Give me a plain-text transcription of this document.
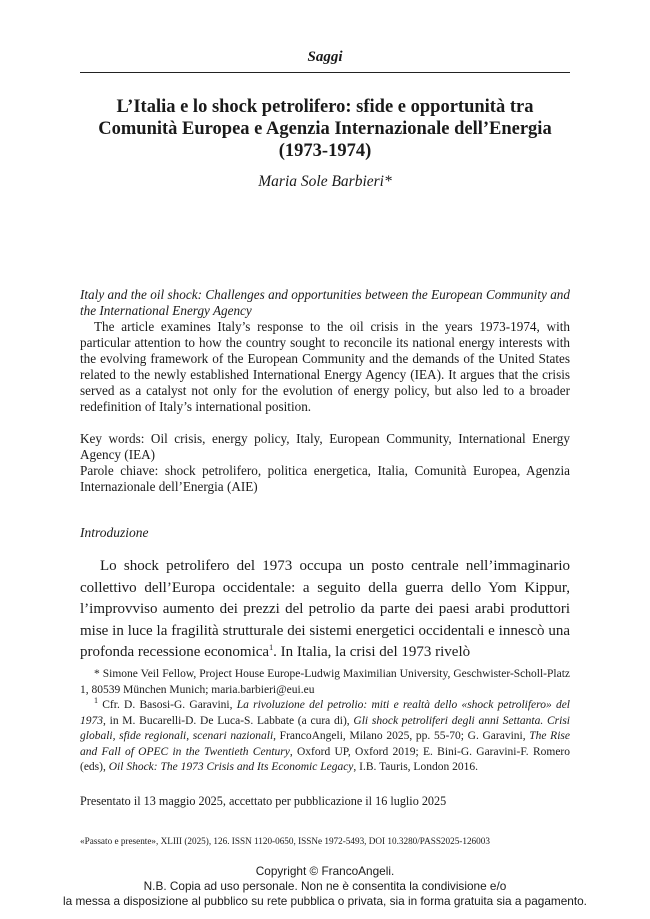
Saggi
L’Italia e lo shock petrolifero: sfide e opportunità tra Comunità Europea e Agenzia Internazionale dell’Energia (1973-1974)
Maria Sole Barbieri*

Italy and the oil shock: Challenges and opportunities between the European Community and the International Energy Agency

The article examines Italy’s response to the oil crisis in the years 1973-1974, with particular attention to how the country sought to reconcile its national energy interests with the evolving framework of the European Community and the demands of the United States related to the newly established International Energy Agency (IEA). It argues that the crisis served as a catalyst not only for the evolution of energy policy, but also led to a broader redefinition of Italy’s international position.

Key words: Oil crisis, energy policy, Italy, European Community, International Energy Agency (IEA)

Parole chiave: shock petrolifero, politica energetica, Italia, Comunità Europea, Agenzia Internazionale dell’Energia (AIE)

Introduzione

Lo shock petrolifero del 1973 occupa un posto centrale nell’immaginario collettivo dell’Europa occidentale: a seguito della guerra dello Yom Kippur, l’improvviso aumento dei prezzi del petrolio da parte dei paesi arabi produttori mise in luce la fragilità strutturale dei sistemi energetici occidentali e innescò una profonda recessione economica$^1$. In Italia, la crisi del 1973 rivelò

* Simone Veil Fellow, Project House Europe-Ludwig Maximilian University, Geschwister-Scholl-Platz 1, 80539 München Munich; maria.barbieri@eui.eu

$^1$ Cfr. D. Basosi-G. Garavini, La rivoluzione del petrolio: miti e realtà dello «shock petrolifero» del 1973, in M. Bucarelli-D. De Luca-S. Labbate (a cura di), Gli shock petroliferi degli anni Settanta. Crisi globali, sfide regionali, scenari nazionali, FrancoAngeli, Milano 2025, pp. 55-70; G. Garavini, The Rise and Fall of OPEC in the Twentieth Century, Oxford UP, Oxford 2019; E. Bini-G. Garavini-F. Romero (eds), Oil Shock: The 1973 Crisis and Its Economic Legacy, I.B. Tauris, London 2016.

Presentato il 13 maggio 2025, accettato per pubblicazione il 16 luglio 2025
«Passato e presente», XLIII (2025), 126. ISSN 1120-0650, ISSNe 1972-5493, DOI 10.3280/PASS2025-126003
Copyright © FrancoAngeli.
N.B. Copia ad uso personale. Non ne è consentita la condivisione e/o
la messa a disposizione al pubblico su rete pubblica o privata, sia in forma gratuita sia a pagamento.
